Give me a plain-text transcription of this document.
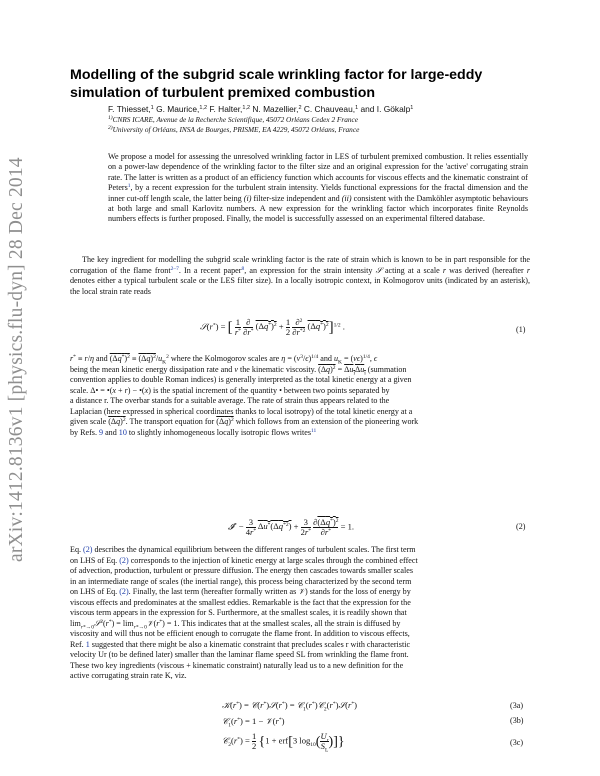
arXiv:1412.8136v1 [physics.flu-dyn] 28 Dec 2014
Modelling of the subgrid scale wrinkling factor for large-eddy simulation of turbulent premixed combustion
F. Thiesset,$^1$ G. Maurice,$^{1,2}$ F. Halter,$^{1,2}$ N. Mazellier,$^2$ C. Chauveau,$^1$ and I. Gökalp$^1$
$^{1)}$CNRS ICARE, Avenue de la Recherche Scientifique, 45072 Orléans Cedex 2 France
$^{2)}$University of Orléans, INSA de Bourges, PRISME, EA 4229, 45072 Orléans, France
We propose a model for assessing the unresolved wrinkling factor in LES of turbulent premixed combustion. It relies essentially on a power-law dependence of the wrinkling factor to the filter size and an original expression for the 'active' corrugating strain rate. The latter is written as a product of an efficiency function which accounts for viscous effects and the kinematic constraint of Peters$^1$, by a recent expression for the turbulent strain intensity. Yields functional expressions for the fractal dimension and the inner cut-off length scale, the latter being (i) filter-size independent and (ii) consistent with the Damköhler asymptotic behaviours at both large and small Karlovitz numbers. A new expression for the wrinkling factor which incorporates finite Reynolds numbers effects is further proposed. Finally, the model is successfully assessed on an experimental filtered database.
The key ingredient for modelling the subgrid scale wrinkling factor is the rate of strain which is known to be in part responsible for the corrugation of the flame front$^{2-7}$. In a recent paper$^8$, an expression for the strain intensity 𝒮 acting at a scale r was derived (hereafter r denotes either a typical turbulent scale or the LES filter size). In a locally isotropic context, in Kolmogorov units (indicated by an asterisk), the local strain rate reads
𝒮(r*) = [ $\frac{1}{r^*}$
$\frac{\partial}{\partial r^*} (\Delta q^*)^2 + \frac{1}{2}$
$\frac{\partial^2}{\partial r^{*2}} (\Delta q^*)^2]^{1/2}$ .	(1)
r* ≡ r/η and $(\Delta q^*)^2 \equiv (\Delta q)^2/u_K^2$ where the Kolmogorov scales are $\eta = (\nu^3/\epsilon)^{1/4}$ and $u_K = (\nu\epsilon)^{1/4}$, ϵ
being the mean kinetic energy dissipation rate and ν the kinematic viscosity. $(\Delta q)^2 = \Delta u_i\Delta u_i$ (summation
convention applies to double Roman indices) is generally interpreted as the total kinetic energy at a given
scale. Δ• = •(x + r) − •(x) is the spatial increment of the quantity • between two points separated by
a distance r. The overbar stands for a suitable average. The rate of strain thus appears related to the
Laplacian (here expressed in spherical coordinates thanks to local isotropy) of the total kinetic energy at a
given scale $(\Delta q)^2$. The transport equation for $(\Delta q)^2$ which follows from an extension of the pioneering work
by Refs. 9 and 10 to slightly inhomogeneous locally isotropic flows writes$^{11}$
𝓘* − $\frac{3}{4r^*} \Delta u^*(\Delta q^{*2}) + \frac{3}{2r^*}$
$\frac{\partial(\Delta q^*)^2}{\partial r^*} = 1$.	(2)
Eq. (2) describes the dynamical equilibrium between the different ranges of turbulent scales. The first term
on LHS of Eq. (2) corresponds to the injection of kinetic energy at large scales through the combined effect
of advection, production, turbulent or pressure diffusion. The energy then cascades towards smaller scales
in an intermediate range of scales (the inertial range), this process being characterized by the second term
on LHS of Eq. (2). Finally, the last term (hereafter formally written as 𝒱) stands for the loss of energy by
viscous effects and predominates at the smallest eddies. Remarkable is the fact that the expression for the
viscous term appears in the expression for S. Furthermore, at the smallest scales, it is readily shown that
$\lim_{r*\to 0}𝒮^2(r^*)$ = $\lim_{r*\to 0}𝒱(r^*) = 1$. This indicates that at the smallest scales, all the strain is diffused by
viscosity and will thus not be efficient enough to corrugate the flame front. In addition to viscous effects,
Ref. 1 suggested that there might be also a kinematic constraint that precludes scales r with characteristic
velocity Ur (to be defined later) smaller than the laminar flame speed SL from wrinkling the flame front.
These two key ingredients (viscous + kinematic constraint) naturally lead us to a new definition for the
active corrugating strain rate K, viz.
𝒦(r*) = 𝒞(r*)𝒮(r*) = 𝒞$_1$(r*)𝒞$_2$(r*)𝒮(r*)	(3a)
𝒞$_1$(r*) = 1 − 𝒱(r*)	(3b)
𝒞$_2$(r*) = $\frac{1}{2} \{1 + erf[3$ $\log_{10}( \frac{U_r}{S_L}$ )]}	(3c)
